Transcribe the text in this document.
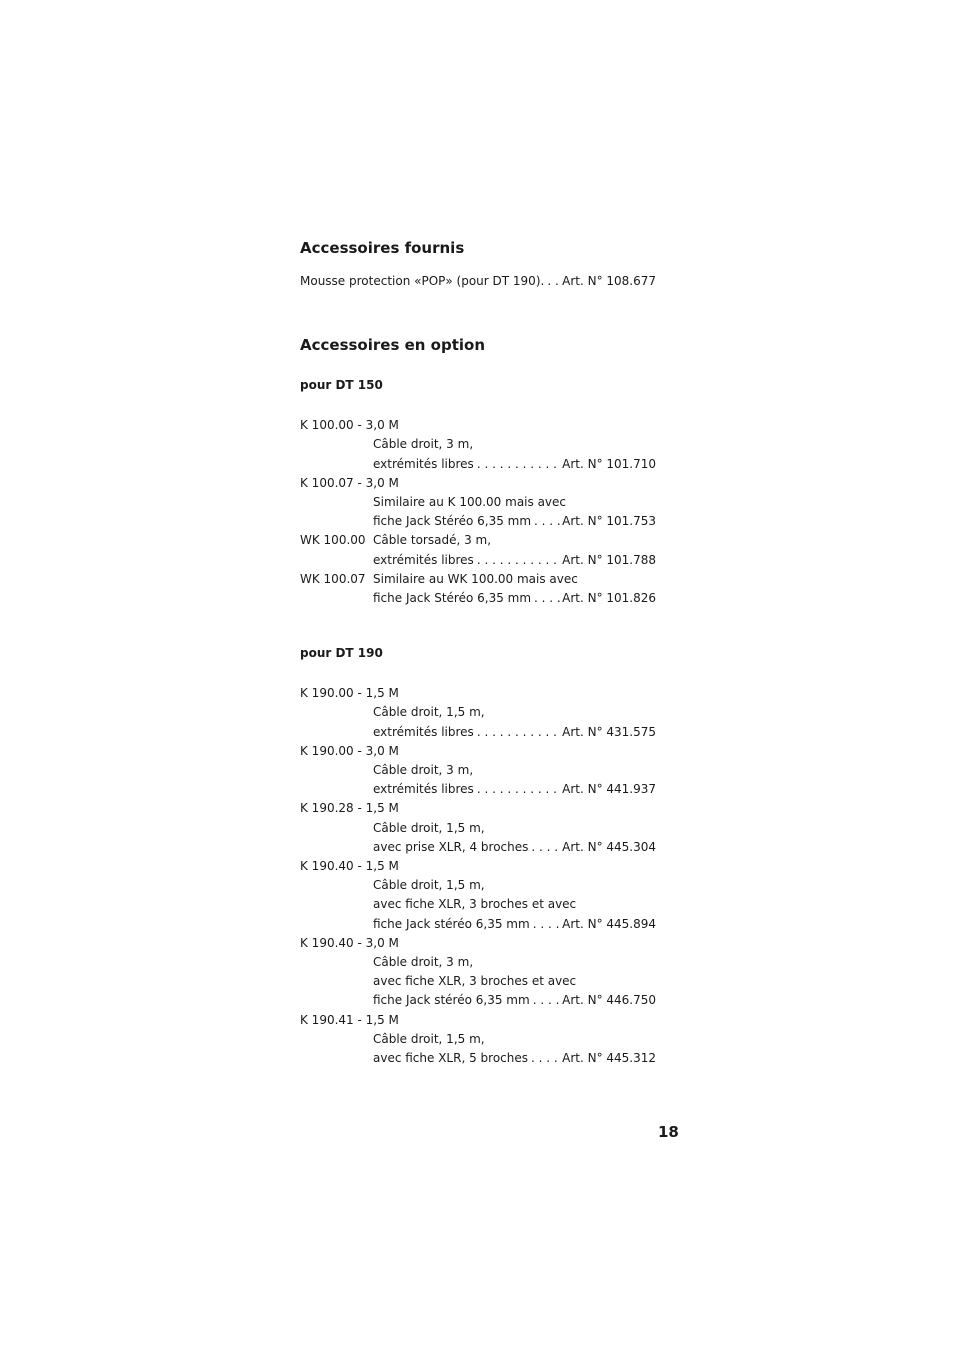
Accessoires fournis
Mousse protection «POP» (pour DT 190). . . . Art. N° 108.677
Accessoires en option
pour DT 150
K 100.00 - 3,0 M
Câble droit, 3 m,
extrémités libres . . .	Art. N° 101.710
K 100.07 - 3,0 M
Similaire au K 100.00 mais avec
fiche Jack Stéréo 6,35 mm . . .	Art. N° 101.753
WK 100.00 Câble torsadé, 3 m,
extrémités libres . . .	Art. N° 101.788
WK 100.07 Similaire au WK 100.00 mais avec
fiche Jack Stéréo 6,35 mm . . .	Art. N° 101.826
pour DT 190
K 190.00 - 1,5 M
Câble droit, 1,5 m,
extrémités libres . . .	Art. N° 431.575
K 190.00 - 3,0 M
Câble droit, 3 m,
extrémités libres . . .	Art. N° 441.937
K 190.28 - 1,5 M
Câble droit, 1,5 m,
avec prise XLR, 4 broches . . .	Art. N° 445.304
K 190.40 - 1,5 M
Câble droit, 1,5 m,
avec fiche XLR, 3 broches et avec
fiche Jack stéréo 6,35 mm . . .	Art. N° 445.894
K 190.40 - 3,0 M
Câble droit, 3 m,
avec fiche XLR, 3 broches et avec
fiche Jack stéréo 6,35 mm . . .	Art. N° 446.750
K 190.41 - 1,5 M
Câble droit, 1,5 m,
avec fiche XLR, 5 broches . . .	Art. N° 445.312
18
